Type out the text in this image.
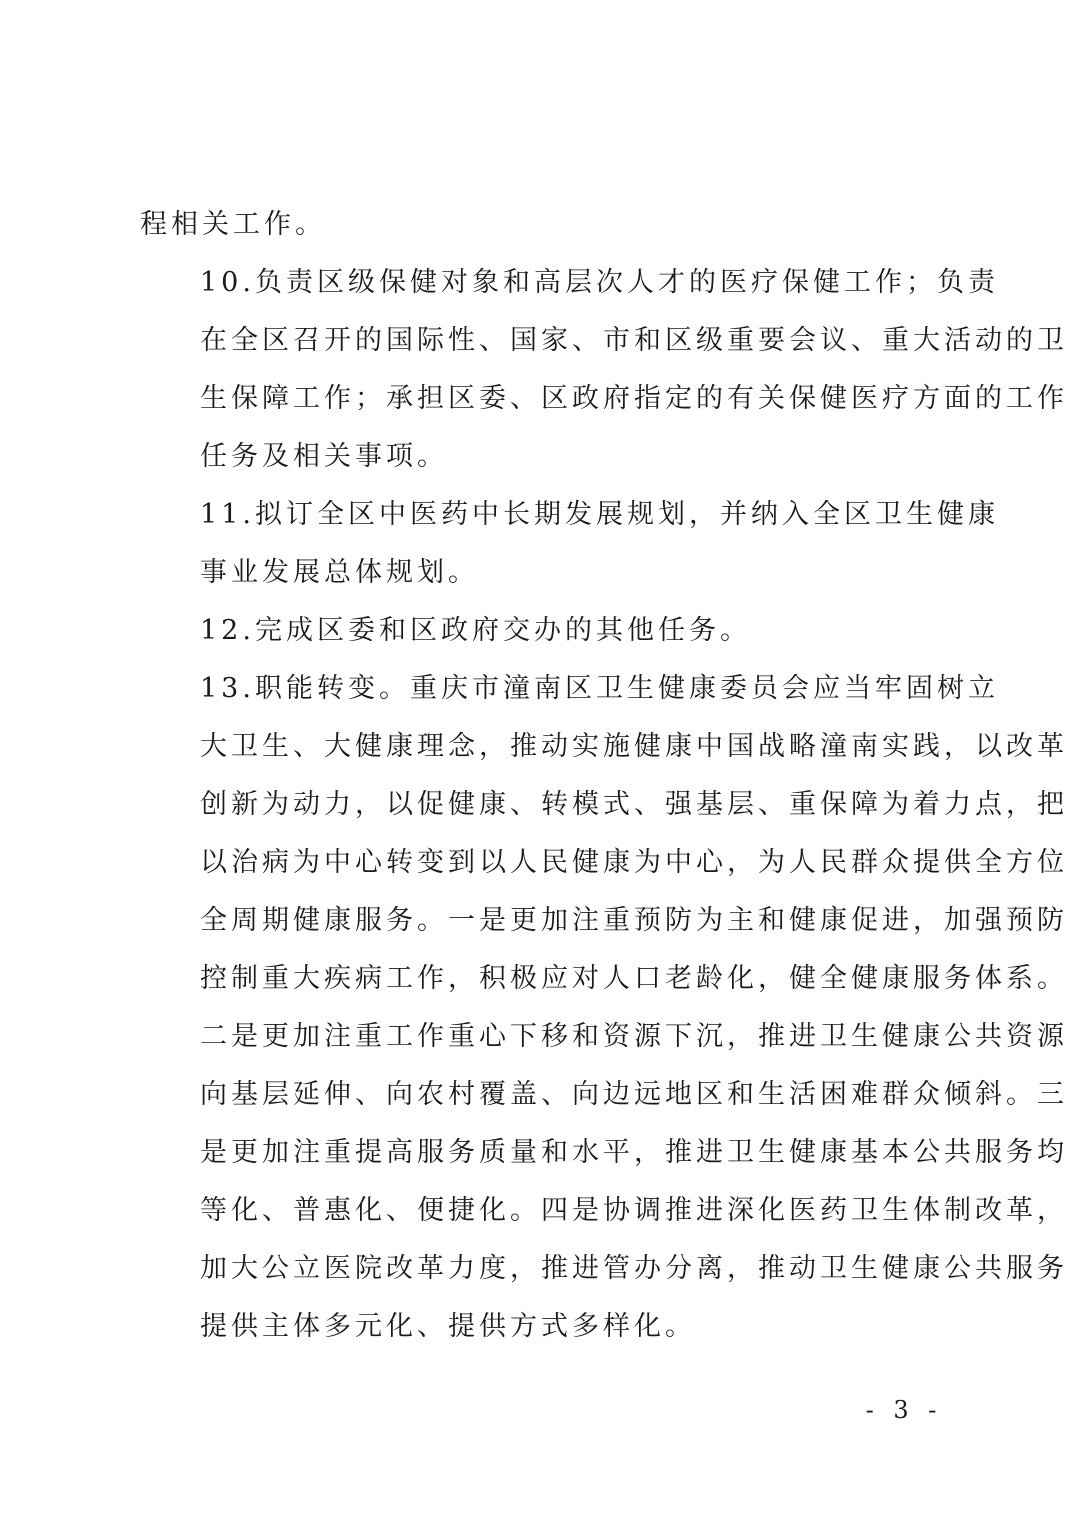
程相关工作。

10.负责区级保健对象和高层次人才的医疗保健工作；负责
在全区召开的国际性、国家、市和区级重要会议、重大活动的卫
生保障工作；承担区委、区政府指定的有关保健医疗方面的工作
任务及相关事项。

11.拟订全区中医药中长期发展规划，并纳入全区卫生健康
事业发展总体规划。

12.完成区委和区政府交办的其他任务。

13.职能转变。重庆市潼南区卫生健康委员会应当牢固树立
大卫生、大健康理念，推动实施健康中国战略潼南实践，以改革
创新为动力，以促健康、转模式、强基层、重保障为着力点，把
以治病为中心转变到以人民健康为中心，为人民群众提供全方位
全周期健康服务。一是更加注重预防为主和健康促进，加强预防
控制重大疾病工作，积极应对人口老龄化，健全健康服务体系。
二是更加注重工作重心下移和资源下沉，推进卫生健康公共资源
向基层延伸、向农村覆盖、向边远地区和生活困难群众倾斜。三
是更加注重提高服务质量和水平，推进卫生健康基本公共服务均
等化、普惠化、便捷化。四是协调推进深化医药卫生体制改革，
加大公立医院改革力度，推进管办分离，推动卫生健康公共服务
提供主体多元化、提供方式多样化。

- 3 -
